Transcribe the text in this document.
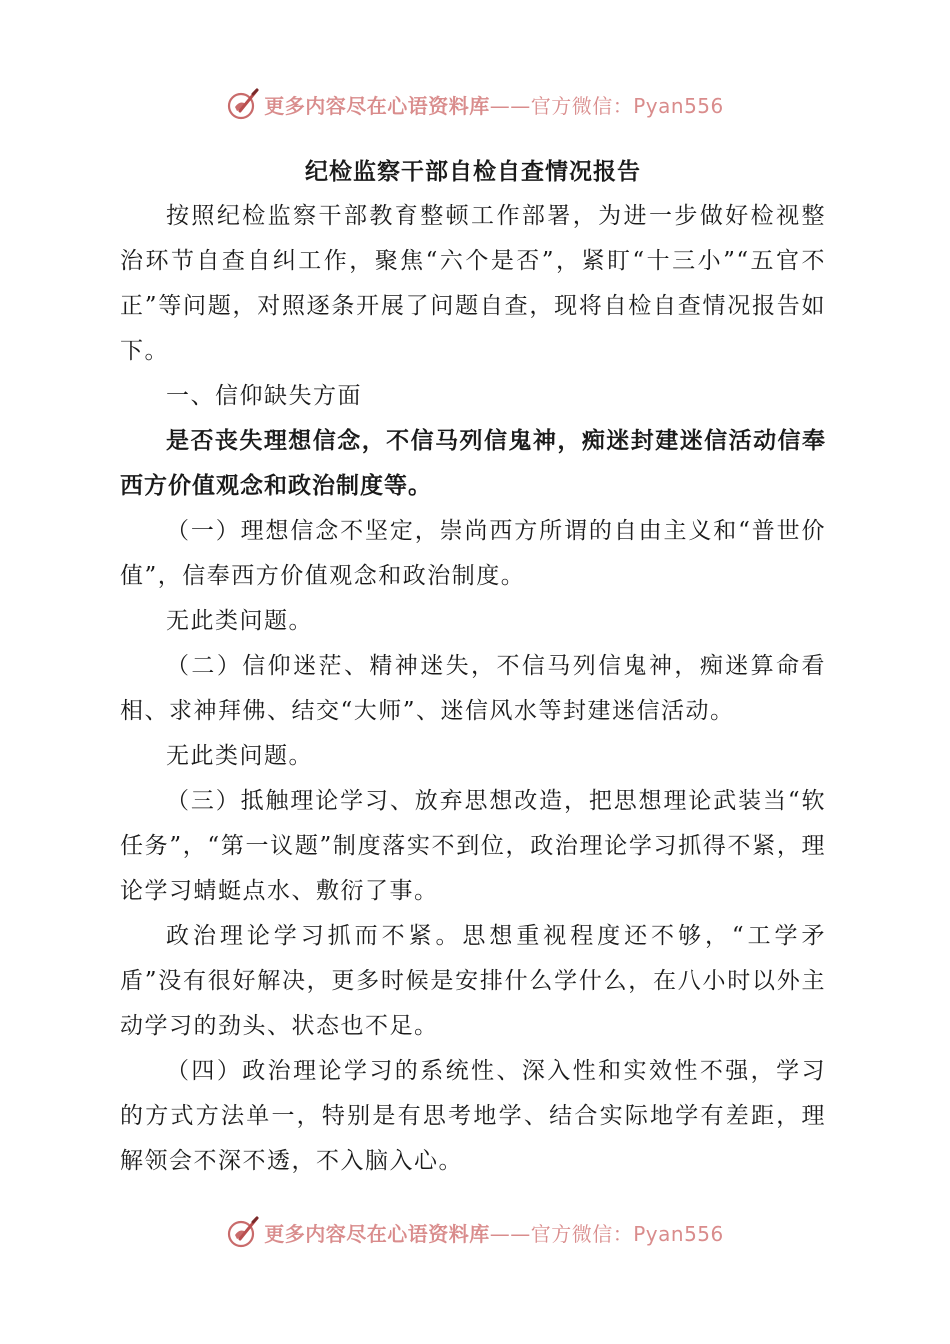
更多内容尽在心语资料库——官方微信：Pyan556
纪检监察干部自检自查情况报告

按照纪检监察干部教育整顿工作部署，为进一步做好检视整治环节自查自纠工作，聚焦“六个是否”，紧盯“十三小”“五官不正”等问题，对照逐条开展了问题自查，现将自检自查情况报告如下。

一、信仰缺失方面

是否丧失理想信念，不信马列信鬼神，痴迷封建迷信活动信奉西方价值观念和政治制度等。

（一）理想信念不坚定，崇尚西方所谓的自由主义和“普世价值”，信奉西方价值观念和政治制度。

无此类问题。

（二）信仰迷茫、精神迷失，不信马列信鬼神，痴迷算命看相、求神拜佛、结交“大师”、迷信风水等封建迷信活动。

无此类问题。

（三）抵触理论学习、放弃思想改造，把思想理论武装当“软任务”，“第一议题”制度落实不到位，政治理论学习抓得不紧，理论学习蜻蜓点水、敷衍了事。

政治理论学习抓而不紧。思想重视程度还不够，“工学矛盾”没有很好解决，更多时候是安排什么学什么，在八小时以外主动学习的劲头、状态也不足。

（四）政治理论学习的系统性、深入性和实效性不强，学习的方式方法单一，特别是有思考地学、结合实际地学有差距，理解领会不深不透，不入脑入心。

更多内容尽在心语资料库——官方微信：Pyan556
